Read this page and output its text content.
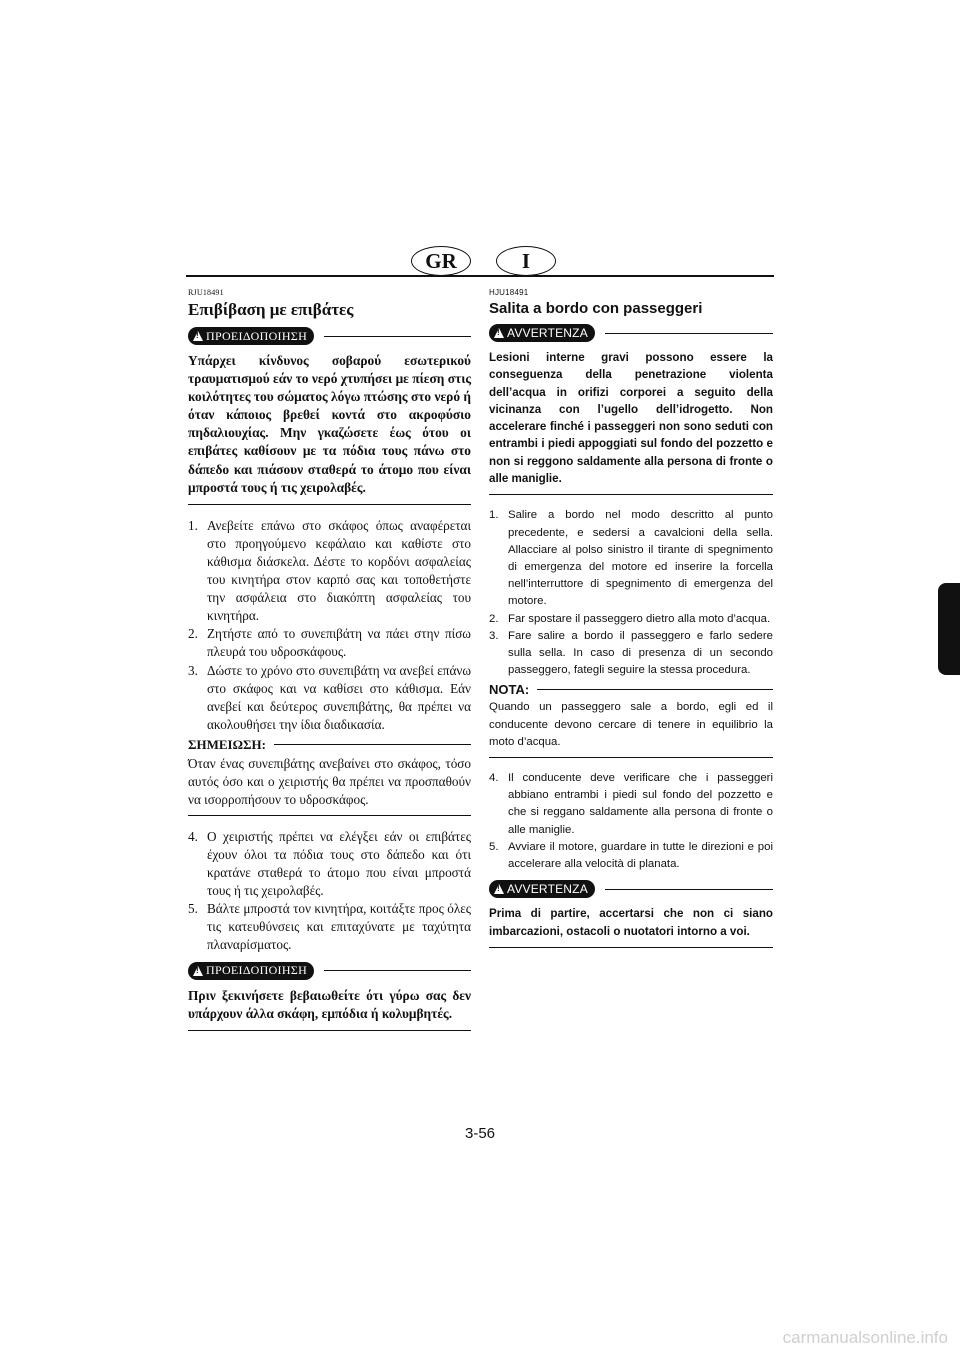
GR	I
RJU18491
Επιβίβαση με επιβάτες
!
ΠΡΟΕΙΔΟΠΟΙΗΣΗ
Υπάρχει κίνδυνος σοβαρού εσωτερικού τραυματισμού εάν το νερό χτυπήσει με πίεση στις κοιλότητες του σώματος λόγω πτώσης στο νερό ή όταν κάποιος βρεθεί κοντά στο ακροφύσιο πηδαλιουχίας. Μην γκαζώσετε έως ότου οι επιβάτες καθίσουν με τα πόδια τους πάνω στο δάπεδο και πιάσουν σταθερά το άτομο που είναι μπροστά τους ή τις χειρολαβές.
1. Ανεβείτε επάνω στο σκάφος όπως αναφέρεται στο προηγούμενο κεφάλαιο και καθίστε στο κάθισμα διάσκελα. Δέστε το κορδόνι ασφαλείας του κινητήρα στον καρπό σας και τοποθετήστε την ασφάλεια στο διακόπτη ασφαλείας του κινητήρα.
2. Ζητήστε από το συνεπιβάτη να πάει στην πίσω πλευρά του υδροσκάφους.
3. Δώστε το χρόνο στο συνεπιβάτη να ανεβεί επάνω στο σκάφος και να καθίσει στο κάθισμα. Εάν ανεβεί και δεύτερος συνεπιβάτης, θα πρέπει να ακολουθήσει την ίδια διαδικασία.
ΣΗΜΕΙΩΣΗ:
Όταν ένας συνεπιβάτης ανεβαίνει στο σκάφος, τόσο αυτός όσο και ο χειριστής θα πρέπει να προσπαθούν να ισορροπήσουν το υδροσκάφος.
4. Ο χειριστής πρέπει να ελέγξει εάν οι επιβάτες έχουν όλοι τα πόδια τους στο δάπεδο και ότι κρατάνε σταθερά το άτομο που είναι μπροστά τους ή τις χειρολαβές.
5. Βάλτε μπροστά τον κινητήρα, κοιτάξτε προς όλες τις κατευθύνσεις και επιταχύνατε με ταχύτητα πλαναρίσματος.
!
ΠΡΟΕΙΔΟΠΟΙΗΣΗ
Πριν ξεκινήσετε βεβαιωθείτε ότι γύρω σας δεν υπάρχουν άλλα σκάφη, εμπόδια ή κολυμβητές.
HJU18491
Salita a bordo con passeggeri
!
AVVERTENZA
Lesioni interne gravi possono essere la conseguenza della penetrazione violenta dell’acqua in orifizi corporei a seguito della vicinanza con l’ugello dell’idrogetto. Non accelerare finché i passeggeri non sono seduti con entrambi i piedi appoggiati sul fondo del pozzetto e non si reggono saldamente alla persona di fronte o alle maniglie.
1. Salire a bordo nel modo descritto al punto precedente, e sedersi a cavalcioni della sella. Allacciare al polso sinistro il tirante di spegnimento di emergenza del motore ed inserire la forcella nell’interruttore di spegnimento di emergenza del motore.
2. Far spostare il passeggero dietro alla moto d’acqua.
3. Fare salire a bordo il passeggero e farlo sedere sulla sella. In caso di presenza di un secondo passeggero, fategli seguire la stessa procedura.
NOTA:
Quando un passeggero sale a bordo, egli ed il conducente devono cercare di tenere in equilibrio la moto d’acqua.
4. Il conducente deve verificare che i passeggeri abbiano entrambi i piedi sul fondo del pozzetto e che si reggano saldamente alla persona di fronte o alle maniglie.
5. Avviare il motore, guardare in tutte le direzioni e poi accelerare alla velocità di planata.
!
AVVERTENZA
Prima di partire, accertarsi che non ci siano imbarcazioni, ostacoli o nuotatori intorno a voi.
3-56
carmanualsonline.info
